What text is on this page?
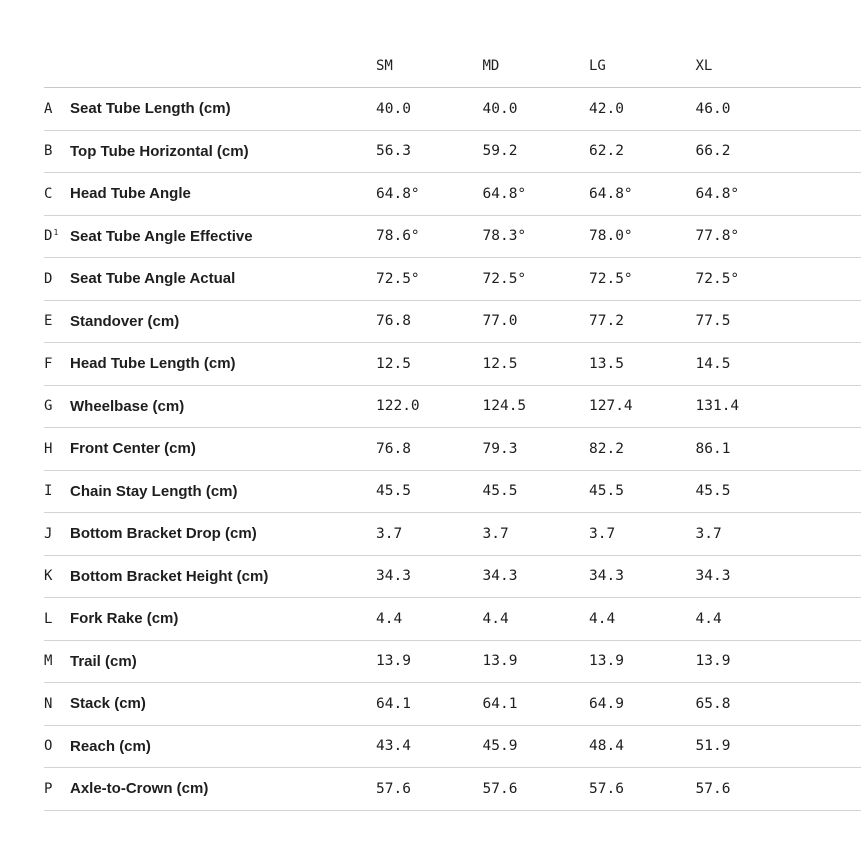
		SM	MD	LG	XL
A	Seat Tube Length (cm)	40.0	40.0	42.0	46.0
B	Top Tube Horizontal (cm)	56.3	59.2	62.2	66.2
C	Head Tube Angle	64.8°	64.8°	64.8°	64.8°
$D^1$	Seat Tube Angle Effective	78.6°	78.3°	78.0°	77.8°
D	Seat Tube Angle Actual	72.5°	72.5°	72.5°	72.5°
E	Standover (cm)	76.8	77.0	77.2	77.5
F	Head Tube Length (cm)	12.5	12.5	13.5	14.5
G	Wheelbase (cm)	122.0	124.5	127.4	131.4
H	Front Center (cm)	76.8	79.3	82.2	86.1
I	Chain Stay Length (cm)	45.5	45.5	45.5	45.5
J	Bottom Bracket Drop (cm)	3.7	3.7	3.7	3.7
K	Bottom Bracket Height (cm)	34.3	34.3	34.3	34.3
L	Fork Rake (cm)	4.4	4.4	4.4	4.4
M	Trail (cm)	13.9	13.9	13.9	13.9
N	Stack (cm)	64.1	64.1	64.9	65.8
O	Reach (cm)	43.4	45.9	48.4	51.9
P	Axle-to-Crown (cm)	57.6	57.6	57.6	57.6
